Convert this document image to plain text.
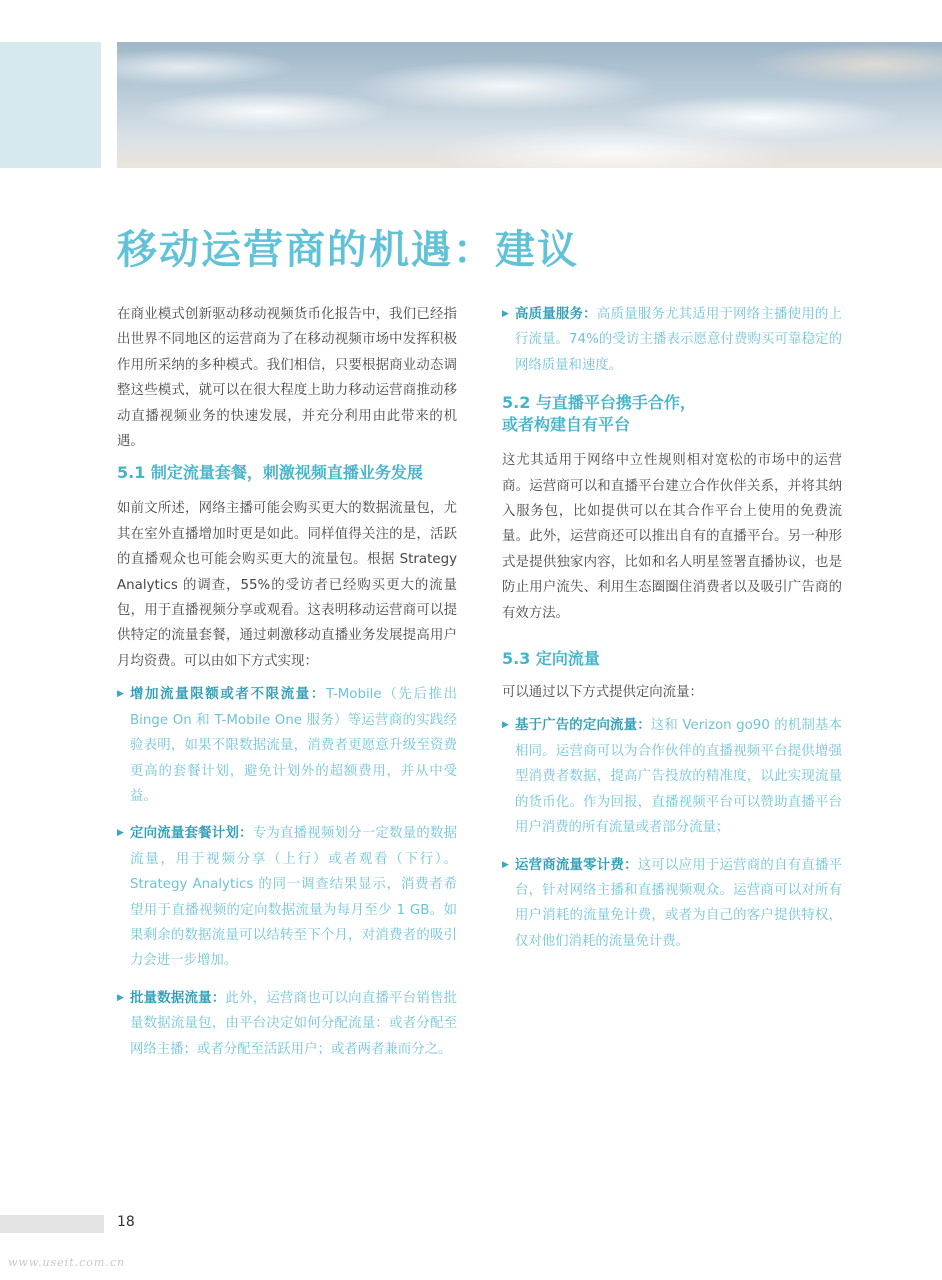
移动运营商的机遇：建议

在商业模式创新驱动移动视频货币化报告中，我们已经指出世界不同地区的运营商为了在移动视频市场中发挥积极作用所采纳的多种模式。我们相信，只要根据商业动态调整这些模式，就可以在很大程度上助力移动运营商推动移动直播视频业务的快速发展，并充分利用由此带来的机遇。

5.1 制定流量套餐，刺激视频直播业务发展

如前文所述，网络主播可能会购买更大的数据流量包，尤其在室外直播增加时更是如此。同样值得关注的是，活跃的直播观众也可能会购买更大的流量包。根据 Strategy Analytics 的调查，55%的受访者已经购买更大的流量包，用于直播视频分享或观看。这表明移动运营商可以提供特定的流量套餐，通过刺激移动直播业务发展提高用户月均资费。可以由如下方式实现：

▶ 增加流量限额或者不限流量：T-Mobile（先后推出 Binge On 和 T-Mobile One 服务）等运营商的实践经验表明，如果不限数据流量，消费者更愿意升级至资费更高的套餐计划，避免计划外的超额费用，并从中受益。
▶ 定向流量套餐计划：专为直播视频划分一定数量的数据流量，用于视频分享（上行）或者观看（下行）。Strategy Analytics 的同一调查结果显示，消费者希望用于直播视频的定向数据流量为每月至少 1 GB。如果剩余的数据流量可以结转至下个月，对消费者的吸引力会进一步增加。
▶ 批量数据流量：此外，运营商也可以向直播平台销售批量数据流量包，由平台决定如何分配流量：或者分配至网络主播；或者分配至活跃用户；或者两者兼而分之。
▶ 高质量服务：高质量服务尤其适用于网络主播使用的上行流量。74%的受访主播表示愿意付费购买可靠稳定的网络质量和速度。
5.2 与直播平台携手合作，
或者构建自有平台

这尤其适用于网络中立性规则相对宽松的市场中的运营商。运营商可以和直播平台建立合作伙伴关系，并将其纳入服务包，比如提供可以在其合作平台上使用的免费流量。此外，运营商还可以推出自有的直播平台。另一种形式是提供独家内容，比如和名人明星签署直播协议，也是防止用户流失、利用生态圈圈住消费者以及吸引广告商的有效方法。

5.3 定向流量

可以通过以下方式提供定向流量：

▶ 基于广告的定向流量：这和 Verizon go90 的机制基本相同。运营商可以为合作伙伴的直播视频平台提供增强型消费者数据，提高广告投放的精准度，以此实现流量的货币化。作为回报，直播视频平台可以赞助直播平台用户消费的所有流量或者部分流量；
▶ 运营商流量零计费：这可以应用于运营商的自有直播平台，针对网络主播和直播视频观众。运营商可以对所有用户消耗的流量免计费，或者为自己的客户提供特权，仅对他们消耗的流量免计费。
18
www.useit.com.cn
